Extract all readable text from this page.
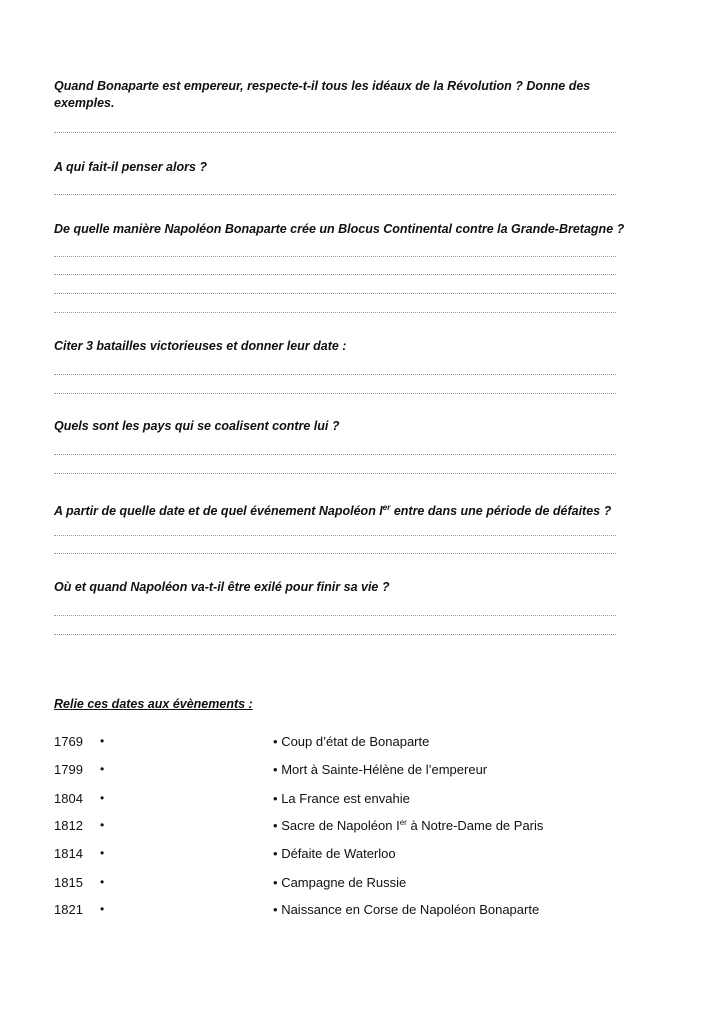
Quand Bonaparte est empereur, respecte-t-il tous les idéaux de la Révolution ? Donne des exemples.
A qui fait-il penser alors ?
De quelle manière Napoléon Bonaparte crée un Blocus Continental contre la Grande-Bretagne ?
Citer 3 batailles victorieuses et donner leur date :
Quels sont les pays qui se coalisent contre lui ?
A partir de quelle date et de quel événement Napoléon Ier entre dans une période de défaites ?
Où et quand Napoléon va-t-il être exilé pour finir sa vie ?
Relie ces dates aux évènements :
1769 •	• Coup d’état de Bonaparte
1799 •	• Mort à Sainte-Hélène de l’empereur
1804 •	• La France est envahie
1812 •	• Sacre de Napoléon Ier à Notre-Dame de Paris
1814 •	• Défaite de Waterloo
1815 •	• Campagne de Russie
1821 •	• Naissance en Corse de Napoléon Bonaparte
